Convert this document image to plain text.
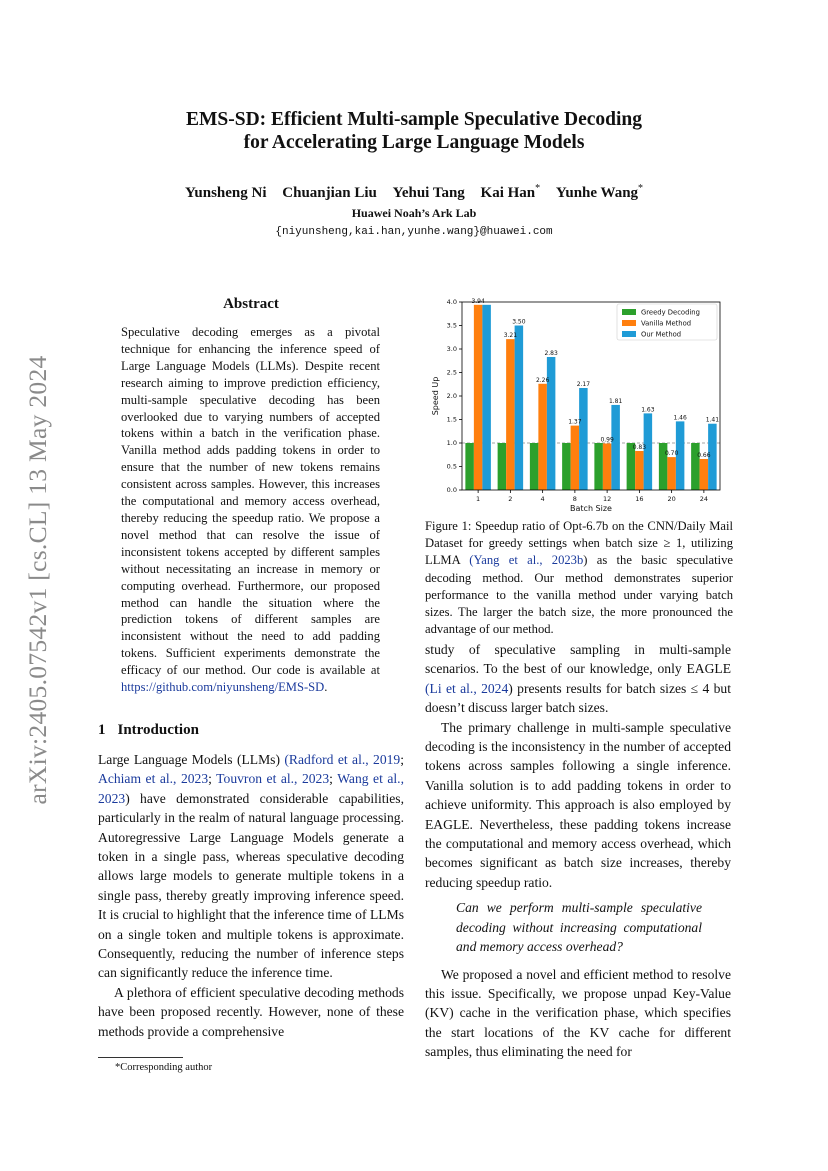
arXiv:2405.07542v1 [cs.CL] 13 May 2024
EMS-SD: Efficient Multi-sample Speculative Decoding
for Accelerating Large Language Models
Yunsheng Ni Chuanjian Liu Yehui Tang Kai Han* Yunhe Wang*
Huawei Noah’s Ark Lab
{niyunsheng,kai.han,yunhe.wang}@huawei.com
Abstract
Speculative decoding emerges as a pivotal technique for enhancing the inference speed of Large Language Models (LLMs). Despite recent research aiming to improve prediction efficiency, multi-sample speculative decoding has been overlooked due to varying numbers of accepted tokens within a batch in the verification phase. Vanilla method adds padding tokens in order to ensure that the number of new tokens remains consistent across samples. However, this increases the computational and memory access overhead, thereby reducing the speedup ratio. We propose a novel method that can resolve the issue of inconsistent tokens accepted by different samples without necessitating an increase in memory or computing overhead. Furthermore, our proposed method can handle the situation where the prediction tokens of different samples are inconsistent without the need to add padding tokens. Sufficient experiments demonstrate the efficacy of our method. Our code is available at https://github.com/niyunsheng/EMS-SD.
1 Introduction

Large Language Models (LLMs) (Radford et al., 2019; Achiam et al., 2023; Touvron et al., 2023; Wang et al., 2023) have demonstrated considerable capabilities, particularly in the realm of natural language processing. Autoregressive Large Language Models generate a token in a single pass, whereas speculative decoding allows large models to generate multiple tokens in a single pass, thereby greatly improving inference speed. It is crucial to highlight that the inference time of LLMs on a single token and multiple tokens is approximate. Consequently, reducing the number of inference steps can significantly reduce the inference time.

A plethora of efficient speculative decoding methods have been proposed recently. However, none of these methods provide a comprehensive

*Corresponding author
3.94
3.21
2.26
1.37
0.99
0.83
0.70	0.66
3.50
2.83
2.17
1.81
1.63
1.46	1.41
0.0
0.5
1.0
1.5
2.0
2.5
3.0
3.5
4.0
1	2	4	8	12	16	20	24
Batch Size
Speed Up
Greedy Decoding
Vanilla Method
Our Method
Figure 1: Speedup ratio of Opt-6.7b on the CNN/Daily Mail Dataset for greedy settings when batch size ≥ 1, utilizing LLMA (Yang et al., 2023b) as the basic speculative decoding method. Our method demonstrates superior performance to the vanilla method under varying batch sizes. The larger the batch size, the more pronounced the advantage of our method.

study of speculative sampling in multi-sample scenarios. To the best of our knowledge, only EAGLE (Li et al., 2024) presents results for batch sizes ≤ 4 but doesn’t discuss larger batch sizes.

The primary challenge in multi-sample speculative decoding is the inconsistency in the number of accepted tokens across samples following a single inference. Vanilla solution is to add padding tokens in order to achieve uniformity. This approach is also employed by EAGLE. Nevertheless, these padding tokens increase the computational and memory access overhead, which becomes significant as batch size increases, thereby reducing speedup ratio.

Can we perform multi-sample speculative decoding without increasing computational and memory access overhead?

We proposed a novel and efficient method to resolve this issue. Specifically, we propose unpad Key-Value (KV) cache in the verification phase, which specifies the start locations of the KV cache for different samples, thus eliminating the need for
